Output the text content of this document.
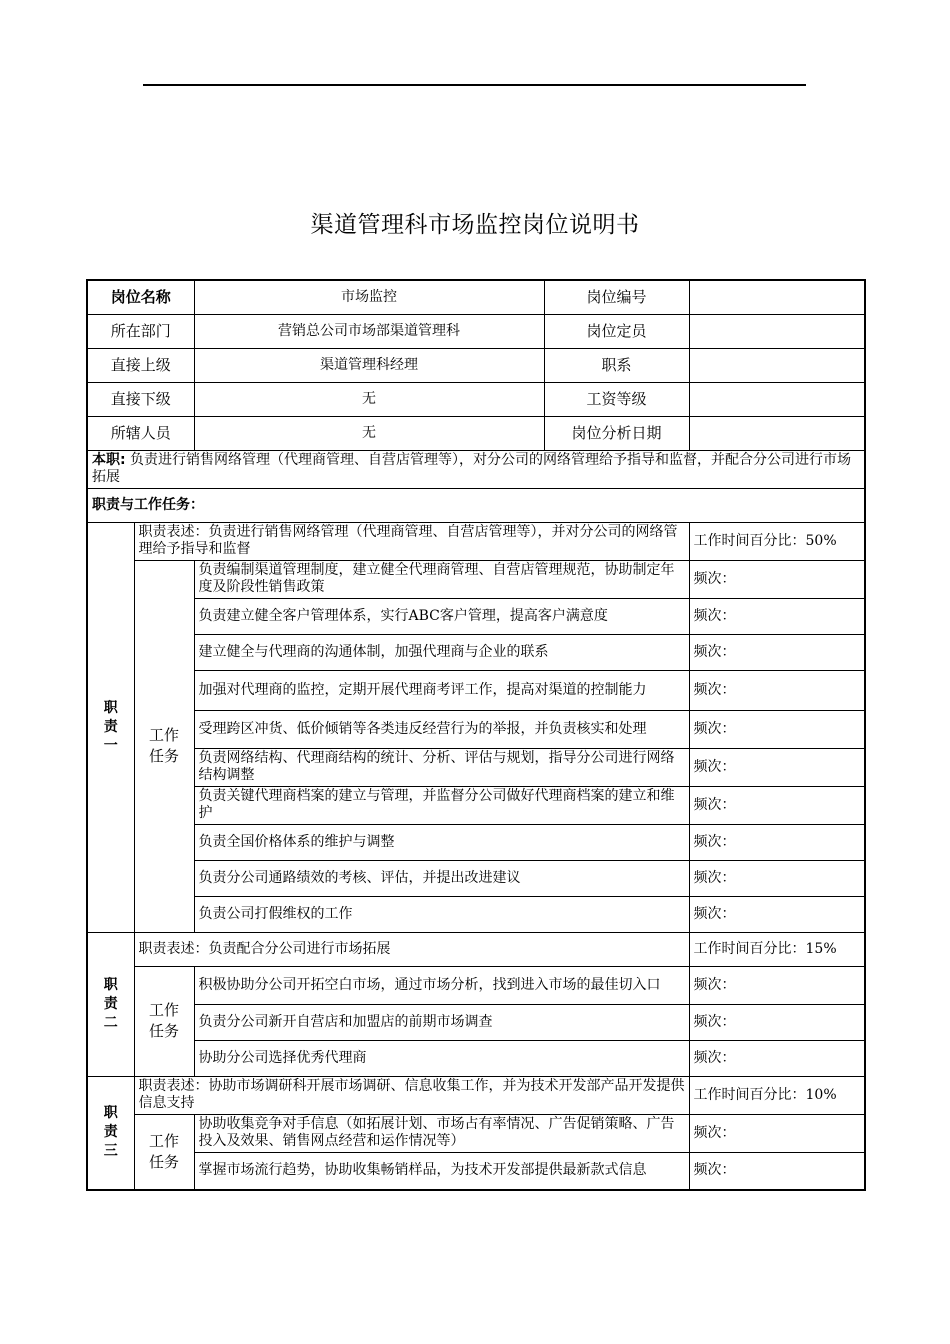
渠道管理科市场监控岗位说明书
岗位名称		市场监控	岗位编号	
所在部门		营销总公司市场部渠道管理科	岗位定员	
直接上级		渠道管理科经理	职系	
直接下级		无	工资等级	
所辖人员		无	岗位分析日期	
本职: 负责进行销售网络管理（代理商管理、自营店管理等），对分公司的网络管理给予指导和监督，并配合分公司进行市场拓展				
职责与工作任务：				

职
责
一	职责表述：负责进行销售网络管理（代理商管理、自营店管理等），并对分公司的网络管理给予指导和监督			工作时间百分比：50%

	工作
任务	负责编制渠道管理制度，建立健全代理商管理、自营店管理规范，协助制定年度及阶段性销售政策		频次：
		负责建立健全客户管理体系，实行ABC客户管理，提高客户满意度		频次：
		建立健全与代理商的沟通体制，加强代理商与企业的联系		频次：
		加强对代理商的监控，定期开展代理商考评工作，提高对渠道的控制能力		频次：
		受理跨区冲货、低价倾销等各类违反经营行为的举报，并负责核实和处理		频次：
		负责网络结构、代理商结构的统计、分析、评估与规划，指导分公司进行网络结构调整		频次：
		负责关键代理商档案的建立与管理，并监督分公司做好代理商档案的建立和维护		频次：
		负责全国价格体系的维护与调整		频次：
		负责分公司通路绩效的考核、评估，并提出改进建议		频次：
		负责公司打假维权的工作		频次：

职
责
二	职责表述：负责配合分公司进行市场拓展			工作时间百分比：15%

	工作
任务	积极协助分公司开拓空白市场，通过市场分析，找到进入市场的最佳切入口		频次：
		负责分公司新开自营店和加盟店的前期市场调查		频次：
		协助分公司选择优秀代理商		频次：

职
责
三	职责表述：协助市场调研科开展市场调研、信息收集工作，并为技术开发部产品开发提供信息支持			工作时间百分比：10%

	工作
任务	协助收集竞争对手信息（如拓展计划、市场占有率情况、广告促销策略、广告投入及效果、销售网点经营和运作情况等）		频次：
		掌握市场流行趋势，协助收集畅销样品，为技术开发部提供最新款式信息		频次：
